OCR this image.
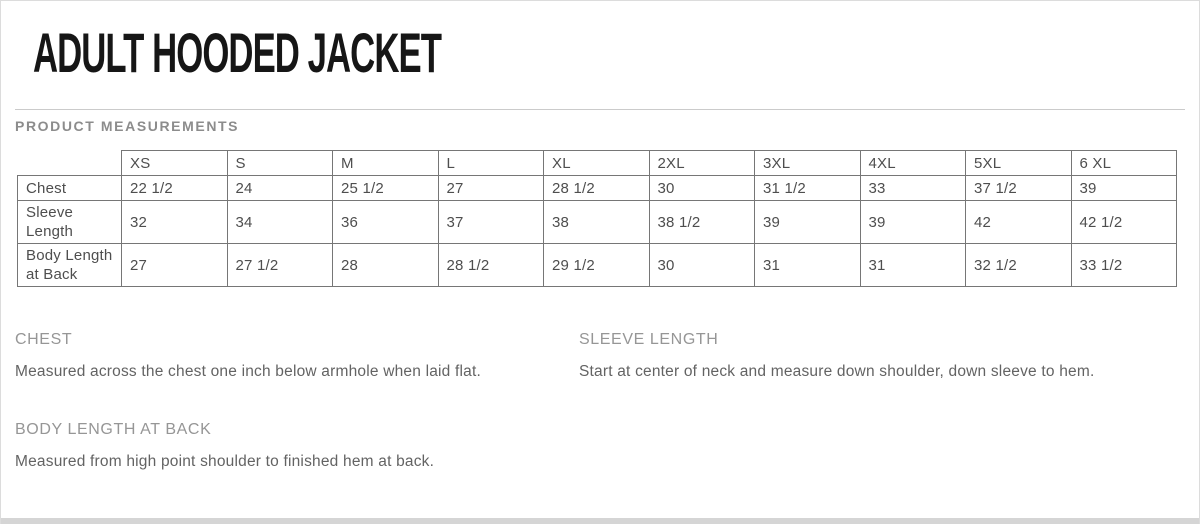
ADULT HOODED JACKET
PRODUCT MEASUREMENTS
	XS	S	M	L	XL	2XL	3XL	4XL	5XL	6 XL
Chest	22 1/2	24	25 1/2	27	28 1/2	30	31 1/2	33	37 1/2	39
Sleeve Length	32	34	36	37	38	38 1/2	39	39	42	42 1/2
Body Length at Back	27	27 1/2	28	28 1/2	29 1/2	30	31	31	32 1/2	33 1/2
CHEST
Measured across the chest one inch below armhole when laid flat.
SLEEVE LENGTH
Start at center of neck and measure down shoulder, down sleeve to hem.
BODY LENGTH AT BACK
Measured from high point shoulder to finished hem at back.
